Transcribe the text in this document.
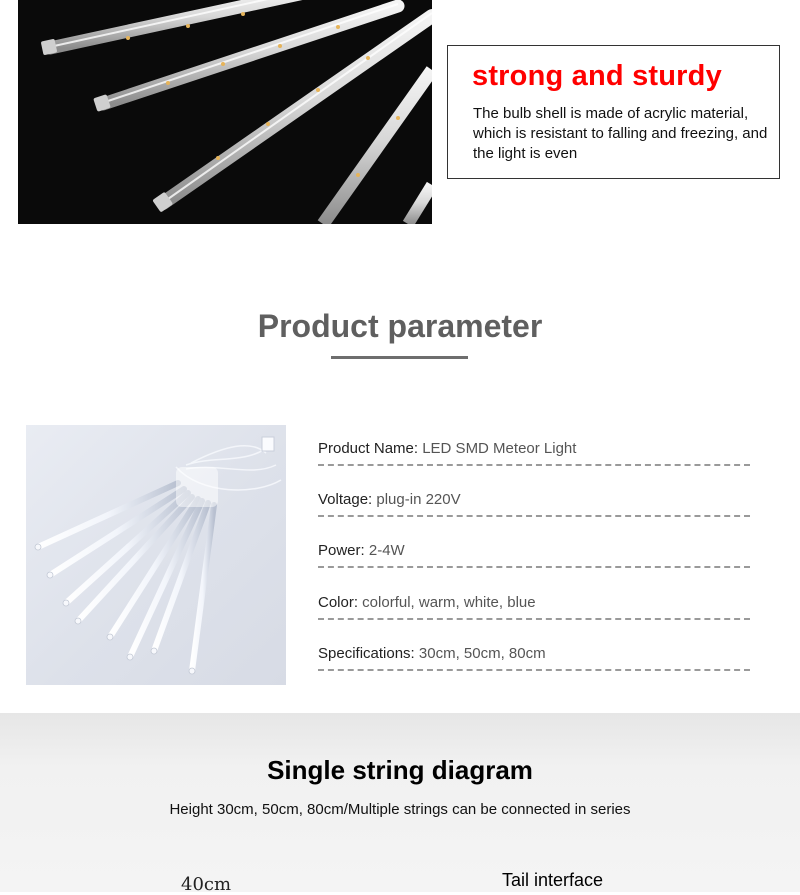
strong and sturdy

The bulb shell is made of acrylic material, which is resistant to falling and freezing, and the light is even

Product parameter
Product Name: LED SMD Meteor Light
Voltage: plug-in 220V
Power: 2-4W
Color: colorful, warm, white, blue
Specifications: 30cm, 50cm, 80cm
Single string diagram

Height 30cm, 50cm, 80cm/Multiple strings can be connected in series

40cm	Tail interface
